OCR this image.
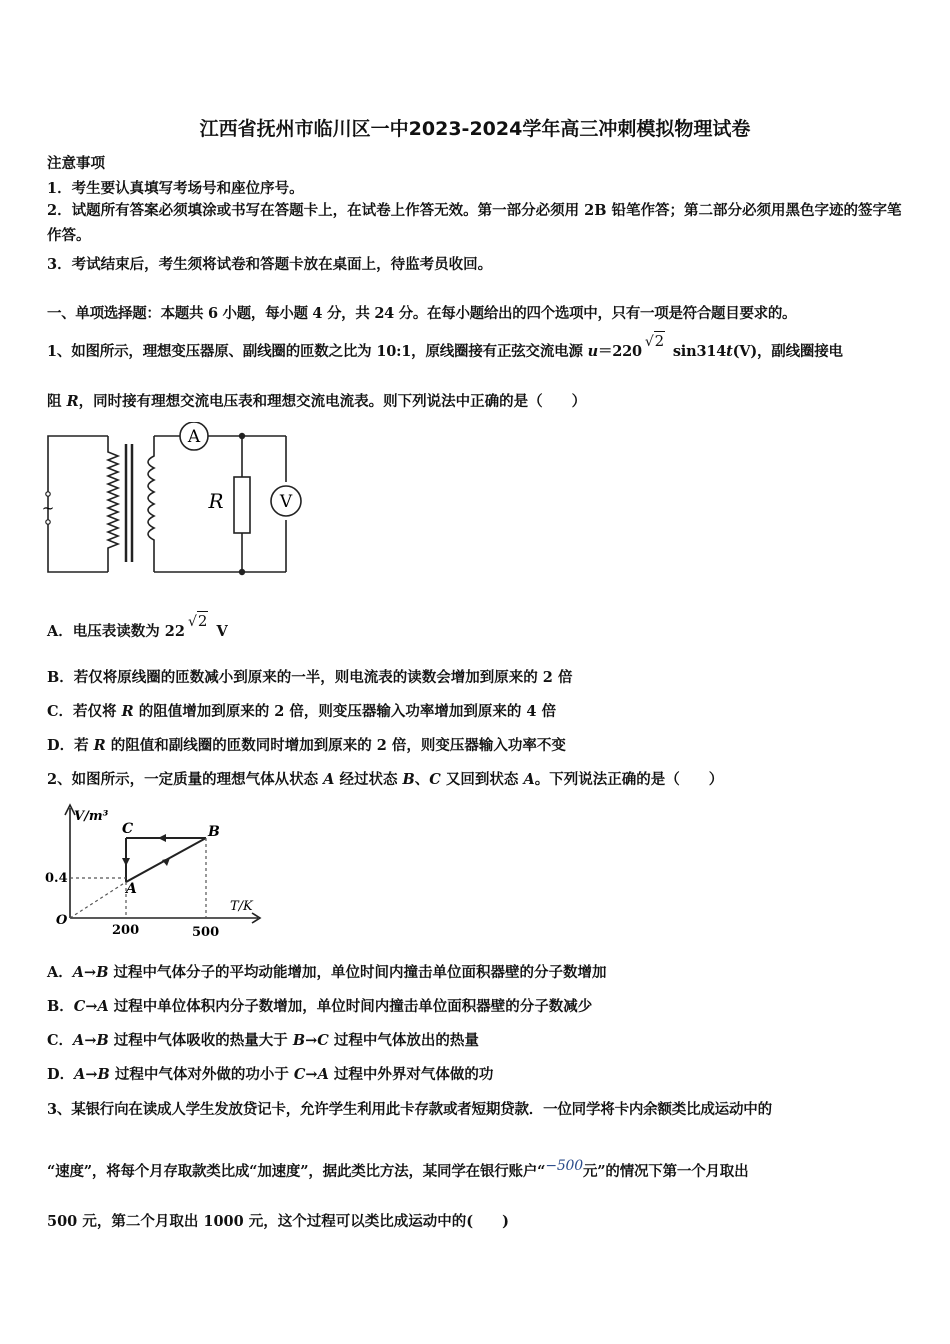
江西省抚州市临川区一中2023-2024学年高三冲刺模拟物理试卷
注意事项
1．考生要认真填写考场号和座位序号。
2．试题所有答案必须填涂或书写在答题卡上，在试卷上作答无效。第一部分必须用 2B 铅笔作答；第二部分必须用黑色字迹的签字笔作答。
3．考试结束后，考生须将试卷和答题卡放在桌面上，待监考员收回。
一、单项选择题：本题共 6 小题，每小题 4 分，共 24 分。在每小题给出的四个选项中，只有一项是符合题目要求的。
1、如图所示，理想变压器原、副线圈的匝数之比为 10:1，原线圈接有正弦交流电源 u＝220√2 sin314t(V)，副线圈接电
阻 R，同时接有理想交流电压表和理想交流电流表。则下列说法中正确的是（　　）
~
A
V
R
A．电压表读数为 22√2 V
B．若仅将原线圈的匝数减小到原来的一半，则电流表的读数会增加到原来的 2 倍
C．若仅将 R 的阻值增加到原来的 2 倍，则变压器输入功率增加到原来的 4 倍
D．若 R 的阻值和副线圈的匝数同时增加到原来的 2 倍，则变压器输入功率不变
2、如图所示，一定质量的理想气体从状态 A 经过状态 B、C 又回到状态 A。下列说法正确的是（　　）
V/m³
T/K
O
0.4
200	500
A
B
C
A．A→B 过程中气体分子的平均动能增加，单位时间内撞击单位面积器壁的分子数增加
B．C→A 过程中单位体积内分子数增加，单位时间内撞击单位面积器壁的分子数减少
C．A→B 过程中气体吸收的热量大于 B→C 过程中气体放出的热量
D．A→B 过程中气体对外做的功小于 C→A 过程中外界对气体做的功
3、某银行向在读成人学生发放贷记卡，允许学生利用此卡存款或者短期贷款．一位同学将卡内余额类比成运动中的
“速度”，将每个月存取款类比成“加速度”，据此类比方法，某同学在银行账户“−500元”的情况下第一个月取出
500 元，第二个月取出 1000 元，这个过程可以类比成运动中的(　　)
